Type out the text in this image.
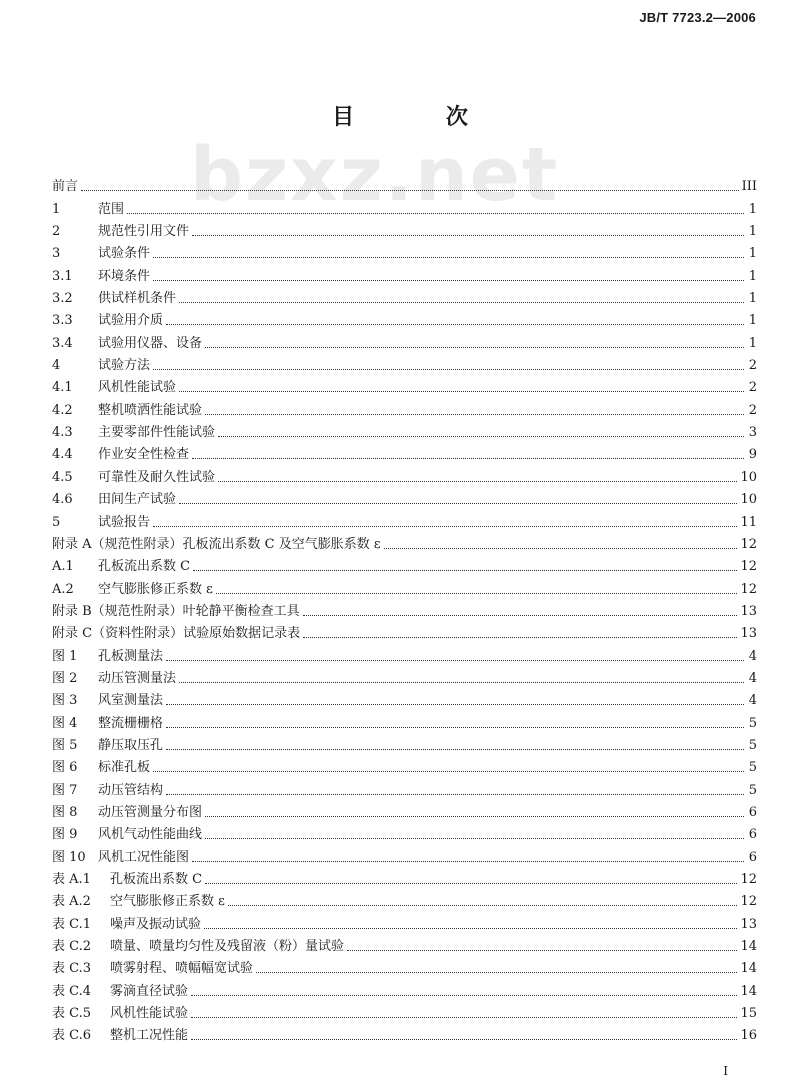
JB/T 7723.2—2006
bzxz.net
目 次
前言	III
1	范围	1
2	规范性引用文件	1
3	试验条件	1
3.1	环境条件	1
3.2	供试样机条件	1
3.3	试验用介质	1
3.4	试验用仪器、设备	1
4	试验方法	2
4.1	风机性能试验	2
4.2	整机喷洒性能试验	2
4.3	主要零部件性能试验	3
4.4	作业安全性检查	9
4.5	可靠性及耐久性试验	10
4.6	田间生产试验	10
5	试验报告	11
附录 A（规范性附录）孔板流出系数 C 及空气膨胀系数 ε	12
A.1	孔板流出系数 C	12
A.2	空气膨胀修正系数 ε	12
附录 B（规范性附录）叶轮静平衡检查工具	13
附录 C（资料性附录）试验原始数据记录表	13
图 1	孔板测量法	4
图 2	动压管测量法	4
图 3	风室测量法	4
图 4	整流栅栅格	5
图 5	静压取压孔	5
图 6	标准孔板	5
图 7	动压管结构	5
图 8	动压管测量分布图	6
图 9	风机气动性能曲线	6
图 10 风机工况性能图	6
表 A.1	孔板流出系数 C	12
表 A.2	空气膨胀修正系数 ε	12
表 C.1	噪声及振动试验	13
表 C.2	喷量、喷量均匀性及残留液（粉）量试验	14
表 C.3	喷雾射程、喷幅幅宽试验	14
表 C.4	雾滴直径试验	14
表 C.5	风机性能试验	15
表 C.6	整机工况性能	16
I
